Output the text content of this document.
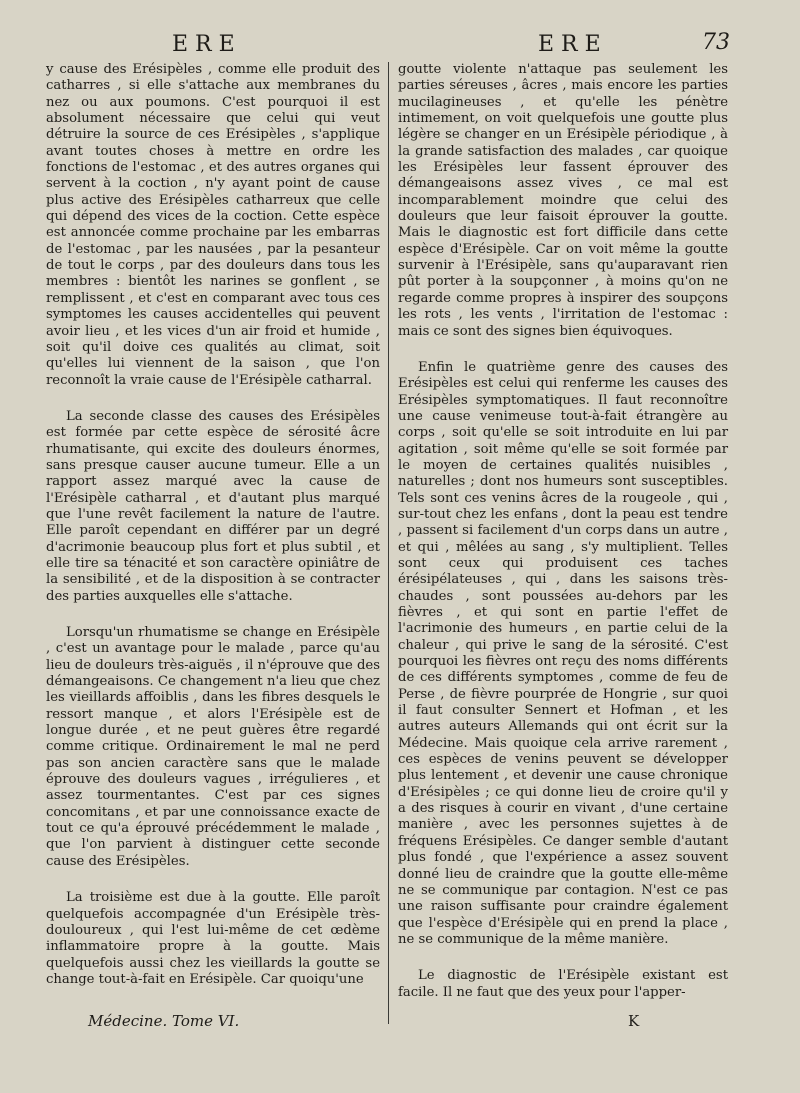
ERE	ERE	73

y cause des Erésipèles , comme elle produit des catharres , si elle s'attache aux membranes du nez ou aux poumons. C'est pourquoi il est absolument nécessaire que celui qui veut détruire la source de ces Erésipèles , s'applique avant toutes choses à mettre en ordre les fonctions de l'estomac , et des autres organes qui servent à la coction , n'y ayant point de cause plus active des Erésipèles catharreux que celle qui dépend des vices de la coction. Cette espèce est annoncée comme prochaine par les embarras de l'estomac , par les nausées , par la pesanteur de tout le corps , par des douleurs dans tous les membres : bientôt les narines se gonflent , se remplissent , et c'est en comparant avec tous ces symptomes les causes accidentelles qui peuvent avoir lieu , et les vices d'un air froid et humide , soit qu'il doive ces qualités au climat, soit qu'elles lui viennent de la saison , que l'on reconnoît la vraie cause de l'Erésipèle catharral.

La seconde classe des causes des Erésipèles est formée par cette espèce de sérosité âcre rhumatisante, qui excite des douleurs énormes, sans presque causer aucune tumeur. Elle a un rapport assez marqué avec la cause de l'Erésipèle catharral , et d'autant plus marqué que l'une revêt facilement la nature de l'autre. Elle paroît cependant en différer par un degré d'acrimonie beaucoup plus fort et plus subtil , et elle tire sa ténacité et son caractère opiniâtre de la sensibilité , et de la disposition à se contracter des parties auxquelles elle s'attache.

Lorsqu'un rhumatisme se change en Erésipèle , c'est un avantage pour le malade , parce qu'au lieu de douleurs très-aiguës , il n'éprouve que des démangeaisons. Ce changement n'a lieu que chez les vieillards affoiblis , dans les fibres desquels le ressort manque , et alors l'Erésipèle est de longue durée , et ne peut guères être regardé comme critique. Ordinairement le mal ne perd pas son ancien caractère sans que le malade éprouve des douleurs vagues , irrégulieres , et assez tourmentantes. C'est par ces signes concomitans , et par une connoissance exacte de tout ce qu'a éprouvé précédemment le malade , que l'on parvient à distinguer cette seconde cause des Erésipèles.

La troisième est due à la goutte. Elle paroît quelquefois accompagnée d'un Erésipèle très-douloureux , qui l'est lui-même de cet œdème inflammatoire propre à la goutte. Mais quelquefois aussi chez les vieillards la goutte se change tout-à-fait en Erésipèle. Car quoiqu'une

goutte violente n'attaque pas seulement les parties séreuses , âcres , mais encore les parties mucilagineuses , et qu'elle les pénètre intimement, on voit quelquefois une goutte plus légère se changer en un Erésipèle périodique , à la grande satisfaction des malades , car quoique les Erésipèles leur fassent éprouver des démangeaisons assez vives , ce mal est incomparablement moindre que celui des douleurs que leur faisoit éprouver la goutte. Mais le diagnostic est fort difficile dans cette espèce d'Erésipèle. Car on voit même la goutte survenir à l'Erésipèle, sans qu'auparavant rien pût porter à la soupçonner , à moins qu'on ne regarde comme propres à inspirer des soupçons les rots , les vents , l'irritation de l'estomac : mais ce sont des signes bien équivoques.

Enfin le quatrième genre des causes des Erésipèles est celui qui renferme les causes des Erésipèles symptomatiques. Il faut reconnoître une cause venimeuse tout-à-fait étrangère au corps , soit qu'elle se soit introduite en lui par agitation , soit même qu'elle se soit formée par le moyen de certaines qualités nuisibles , naturelles ; dont nos humeurs sont susceptibles. Tels sont ces venins âcres de la rougeole , qui , sur-tout chez les enfans , dont la peau est tendre , passent si facilement d'un corps dans un autre , et qui , mêlées au sang , s'y multiplient. Telles sont ceux qui produisent ces taches érésipélateuses , qui , dans les saisons très-chaudes , sont poussées au-dehors par les fièvres , et qui sont en partie l'effet de l'acrimonie des humeurs , en partie celui de la chaleur , qui prive le sang de la sérosité. C'est pourquoi les fièvres ont reçu des noms différents de ces différents symptomes , comme de feu de Perse , de fièvre pourprée de Hongrie , sur quoi il faut consulter Sennert et Hofman , et les autres auteurs Allemands qui ont écrit sur la Médecine. Mais quoique cela arrive rarement , ces espèces de venins peuvent se développer plus lentement , et devenir une cause chronique d'Erésipèles ; ce qui donne lieu de croire qu'il y a des risques à courir en vivant , d'une certaine manière , avec les personnes sujettes à de fréquens Erésipèles. Ce danger semble d'autant plus fondé , que l'expérience a assez souvent donné lieu de craindre que la goutte elle-même ne se communique par contagion. N'est ce pas une raison suffisante pour craindre également que l'espèce d'Erésipèle qui en prend la place , ne se communique de la même manière.

Le diagnostic de l'Erésipèle existant est facile. Il ne faut que des yeux pour l'apper-

Médecine. Tome VI.	K
